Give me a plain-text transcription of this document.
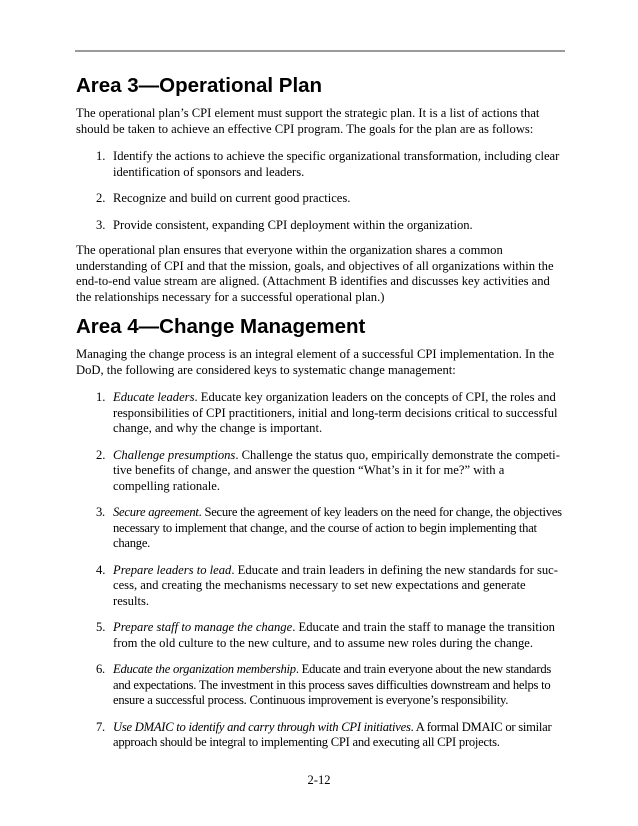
Area 3—Operational Plan

The operational plan’s CPI element must support the strategic plan. It is a list of actions that should be taken to achieve an effective CPI program. The goals for the plan are as follows:

1. Identify the actions to achieve the specific organizational transformation, including clear identification of sponsors and leaders.
2. Recognize and build on current good practices.
3. Provide consistent, expanding CPI deployment within the organization.

The operational plan ensures that everyone within the organization shares a common understanding of CPI and that the mission, goals, and objectives of all organizations within the end-to-end value stream are aligned. (Attachment B identifies and discusses key activities and the relationships necessary for a successful operational plan.)

Area 4—Change Management

Managing the change process is an integral element of a successful CPI implementation. In the DoD, the following are considered keys to systematic change management:

1. Educate leaders. Educate key organization leaders on the concepts of CPI, the roles and responsibilities of CPI practitioners, initial and long-term decisions critical to successful change, and why the change is important.
2. Challenge presumptions. Challenge the status quo, empirically demonstrate the competitive benefits of change, and answer the question “What’s in it for me?” with a compelling rationale.
3. Secure agreement. Secure the agreement of key leaders on the need for change, the objectives necessary to implement that change, and the course of action to begin implementing that change.
4. Prepare leaders to lead. Educate and train leaders in defining the new standards for success, and creating the mechanisms necessary to set new expectations and generate results.
5. Prepare staff to manage the change. Educate and train the staff to manage the transition from the old culture to the new culture, and to assume new roles during the change.
6. Educate the organization membership. Educate and train everyone about the new standards and expectations. The investment in this process saves difficulties downstream and helps to ensure a successful process. Continuous improvement is everyone’s responsibility.
7. Use DMAIC to identify and carry through with CPI initiatives. A formal DMAIC or similar approach should be integral to implementing CPI and executing all CPI projects.
2-12
